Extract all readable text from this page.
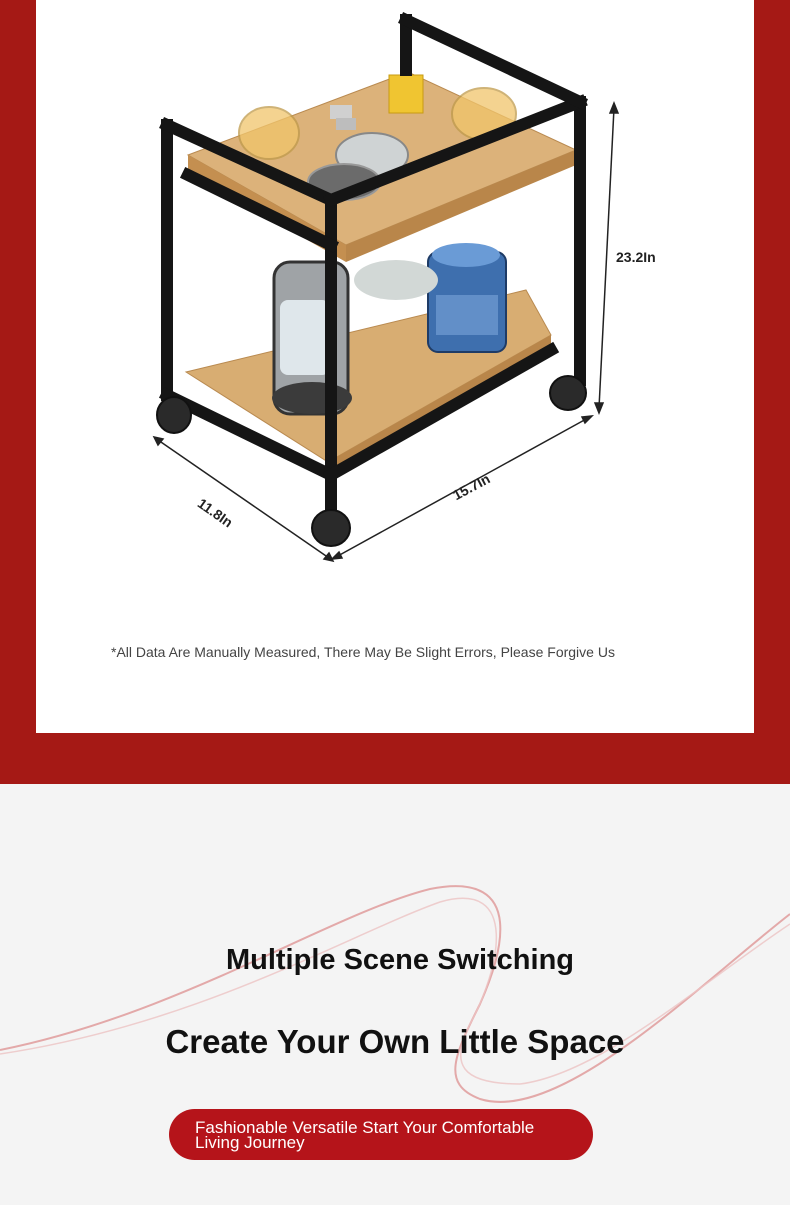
23.2In
11.8In
15.7In
*All Data Are Manually Measured, There May Be Slight Errors, Please Forgive Us
Multiple Scene Switching
Create Your Own Little Space
Fashionable Versatile Start Your Comfortable Living Journey
